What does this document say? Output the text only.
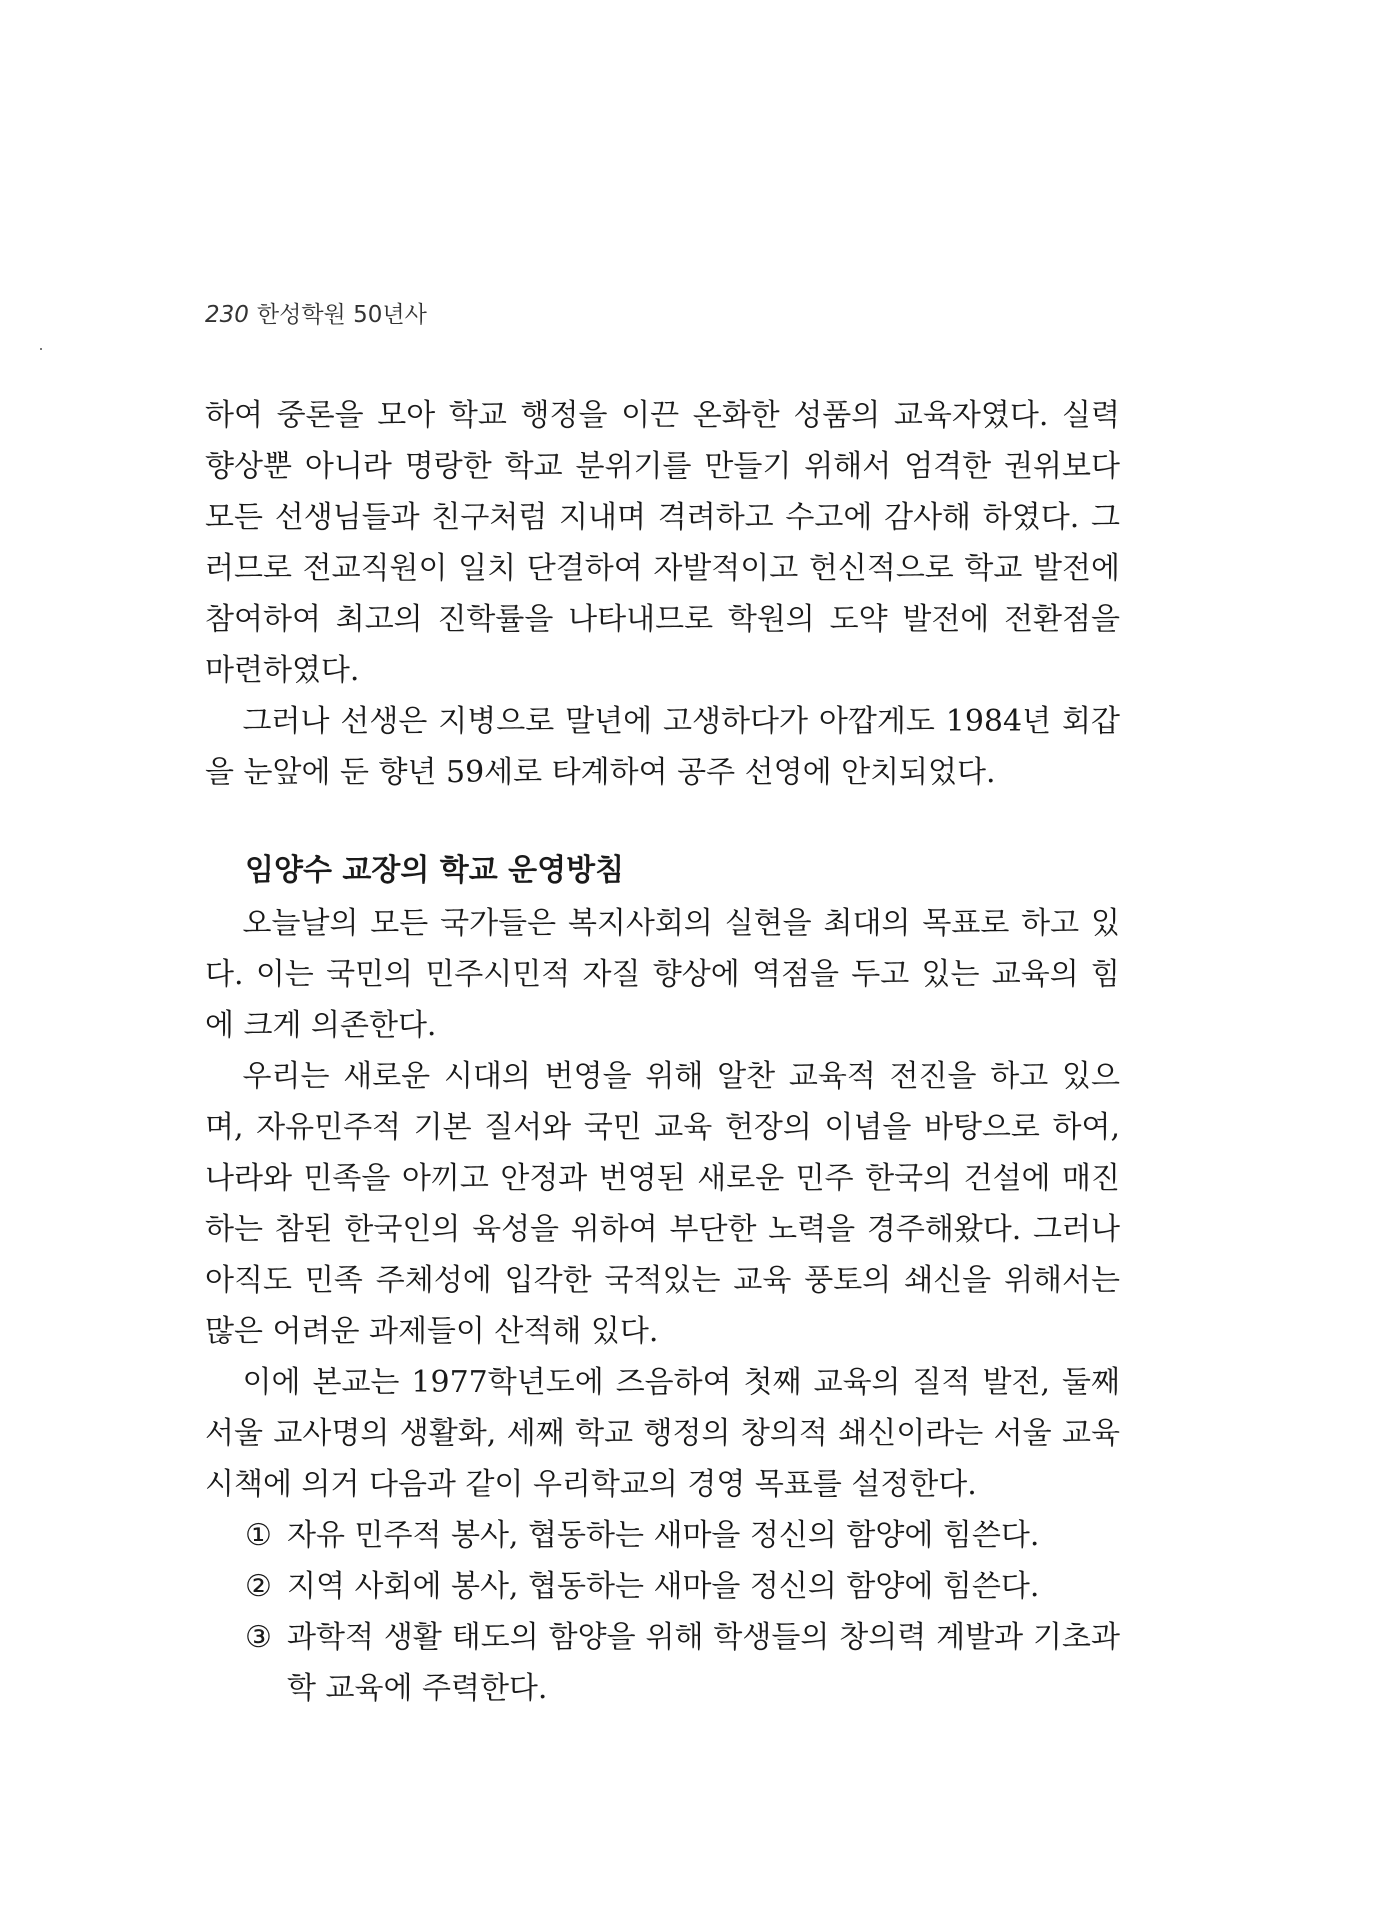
230 한성학원 50년사

하여 중론을 모아 학교 행정을 이끈 온화한 성품의 교육자였다. 실력 향상뿐 아니라 명랑한 학교 분위기를 만들기 위해서 엄격한 권위보다 모든 선생님들과 친구처럼 지내며 격려하고 수고에 감사해 하였다. 그러므로 전교직원이 일치 단결하여 자발적이고 헌신적으로 학교 발전에 참여하여 최고의 진학률을 나타내므로 학원의 도약 발전에 전환점을 마련하였다.

그러나 선생은 지병으로 말년에 고생하다가 아깝게도 1984년 회갑을 눈앞에 둔 향년 59세로 타계하여 공주 선영에 안치되었다.

임양수 교장의 학교 운영방침

오늘날의 모든 국가들은 복지사회의 실현을 최대의 목표로 하고 있다. 이는 국민의 민주시민적 자질 향상에 역점을 두고 있는 교육의 힘에 크게 의존한다.

우리는 새로운 시대의 번영을 위해 알찬 교육적 전진을 하고 있으며, 자유민주적 기본 질서와 국민 교육 헌장의 이념을 바탕으로 하여, 나라와 민족을 아끼고 안정과 번영된 새로운 민주 한국의 건설에 매진하는 참된 한국인의 육성을 위하여 부단한 노력을 경주해왔다. 그러나 아직도 민족 주체성에 입각한 국적있는 교육 풍토의 쇄신을 위해서는 많은 어려운 과제들이 산적해 있다.

이에 본교는 1977학년도에 즈음하여 첫째 교육의 질적 발전, 둘째 서울 교사명의 생활화, 세째 학교 행정의 창의적 쇄신이라는 서울 교육 시책에 의거 다음과 같이 우리학교의 경영 목표를 설정한다.

① 자유 민주적 봉사, 협동하는 새마을 정신의 함양에 힘쓴다.
② 지역 사회에 봉사, 협동하는 새마을 정신의 함양에 힘쓴다.
③ 과학적 생활 태도의 함양을 위해 학생들의 창의력 계발과 기초과학 교육에 주력한다.
